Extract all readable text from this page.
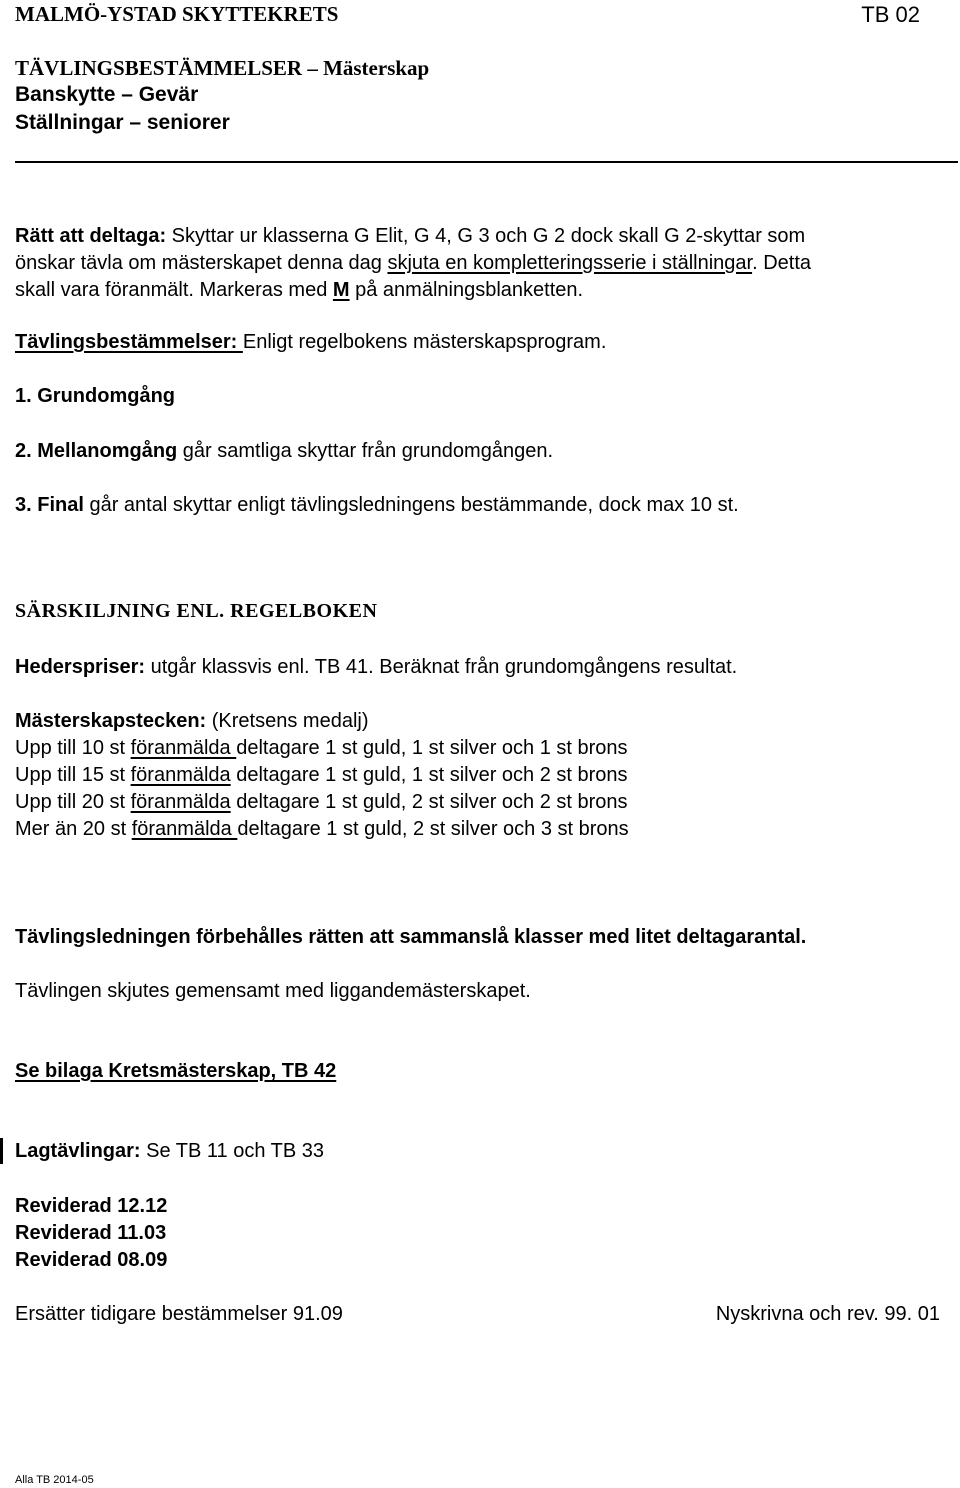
MALMÖ-YSTAD SKYTTEKRETS	TB 02
TÄVLINGSBESTÄMMELSER – Mästerskap
Banskytte – Gevär
Ställningar – seniorer
Rätt att deltaga: Skyttar ur klasserna G Elit, G 4, G 3 och G 2 dock skall G 2-skyttar som
önskar tävla om mästerskapet denna dag skjuta en kompletteringsserie i ställningar. Detta
skall vara föranmält. Markeras med M på anmälningsblanketten.
Tävlingsbestämmelser: Enligt regelbokens mästerskapsprogram.
1. Grundomgång
2. Mellanomgång går samtliga skyttar från grundomgången.
3. Final går antal skyttar enligt tävlingsledningens bestämmande, dock max 10 st.
SÄRSKILJNING ENL. REGELBOKEN
Hederspriser: utgår klassvis enl. TB 41. Beräknat från grundomgångens resultat.
Mästerskapstecken: (Kretsens medalj)
Upp till 10 st föranmälda deltagare 1 st guld, 1 st silver och 1 st brons
Upp till 15 st föranmälda deltagare 1 st guld, 1 st silver och 2 st brons
Upp till 20 st föranmälda deltagare 1 st guld, 2 st silver och 2 st brons
Mer än 20 st föranmälda deltagare 1 st guld, 2 st silver och 3 st brons
Tävlingsledningen förbehålles rätten att sammanslå klasser med litet deltagarantal.
Tävlingen skjutes gemensamt med liggandemästerskapet.
Se bilaga Kretsmästerskap, TB 42
Lagtävlingar: Se TB 11 och TB 33
Reviderad 12.12
Reviderad 11.03
Reviderad 08.09
Ersätter tidigare bestämmelser 91.09	Nyskrivna och rev. 99. 01
Alla TB 2014-05
